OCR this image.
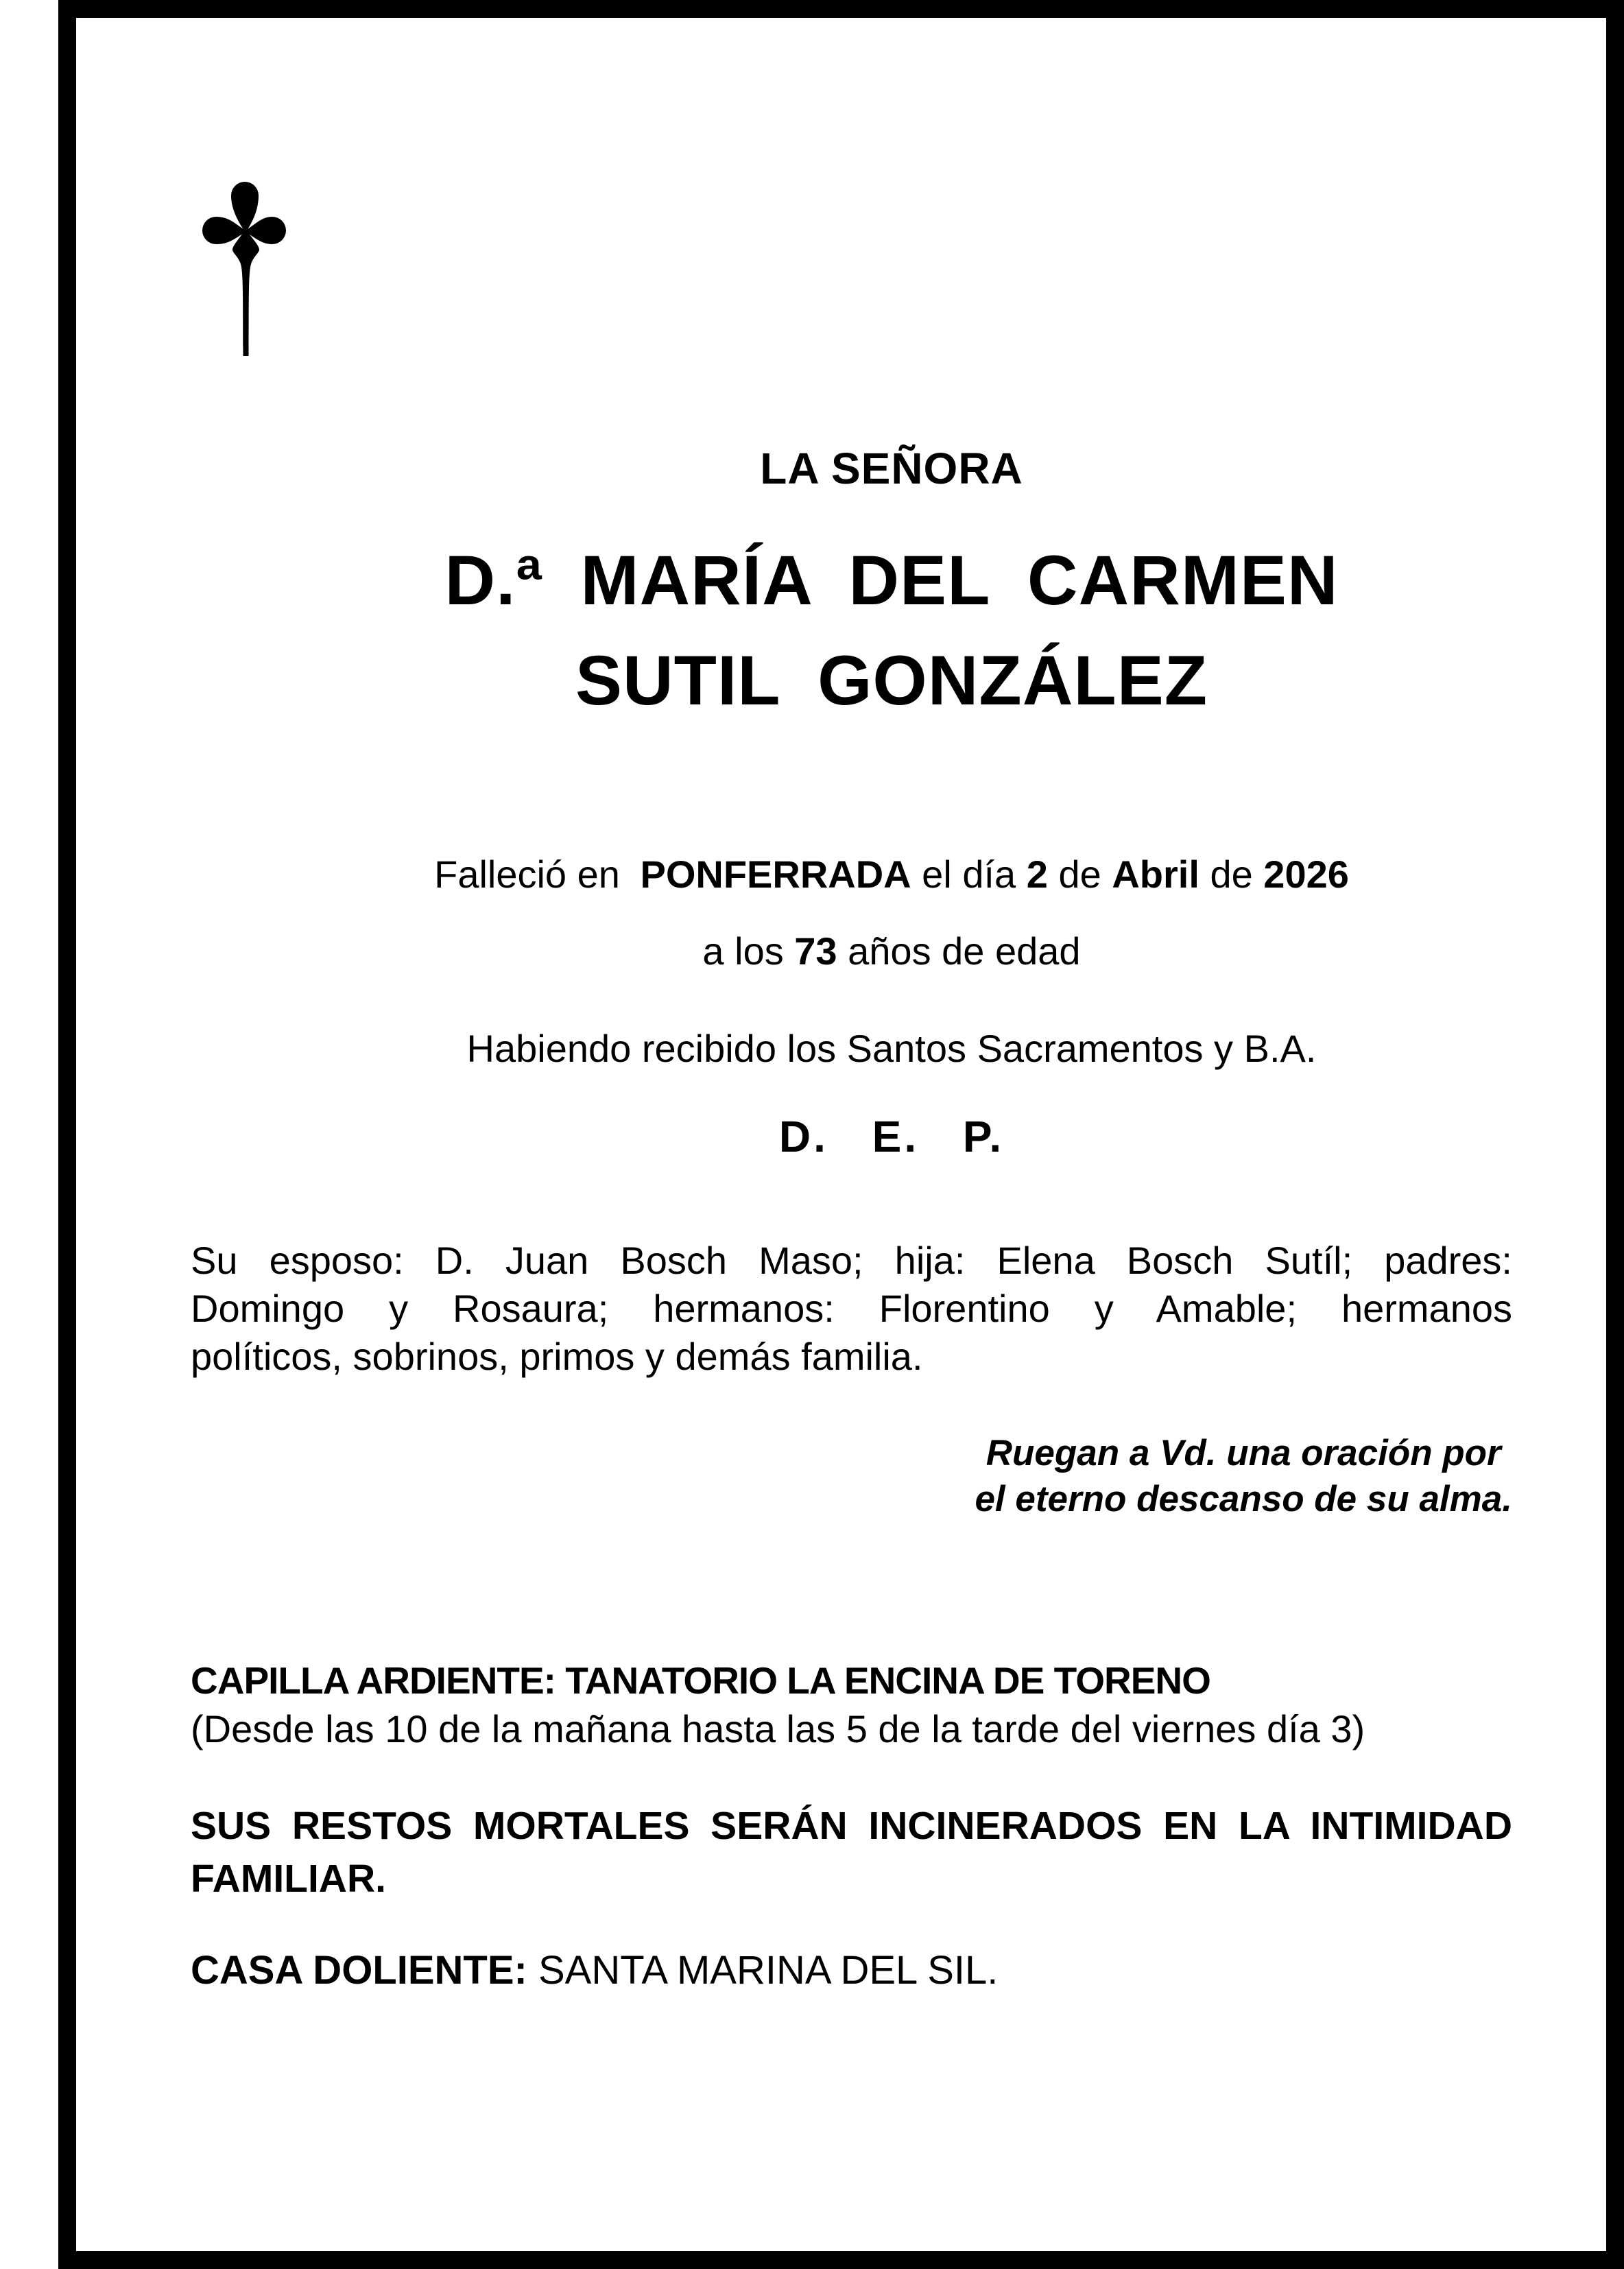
LA SEÑORA
D.ª MARÍA DEL CARMEN
SUTIL GONZÁLEZ
Falleció en PONFERRADA el día 2 de Abril de 2026
a los 73 años de edad
Habiendo recibido los Santos Sacramentos y B.A.
D. E. P.
Su esposo: D. Juan Bosch Maso; hija: Elena Bosch Sutíl; padres:
Domingo y Rosaura; hermanos: Florentino y Amable; hermanos
políticos, sobrinos, primos y demás familia.
Ruegan a Vd. una oración por
el eterno descanso de su alma.
CAPILLA ARDIENTE: TANATORIO LA ENCINA DE TORENO
(Desde las 10 de la mañana hasta las 5 de la tarde del viernes día 3)
SUS RESTOS MORTALES SERÁN INCINERADOS EN LA INTIMIDAD
FAMILIAR.
CASA DOLIENTE: SANTA MARINA DEL SIL.
